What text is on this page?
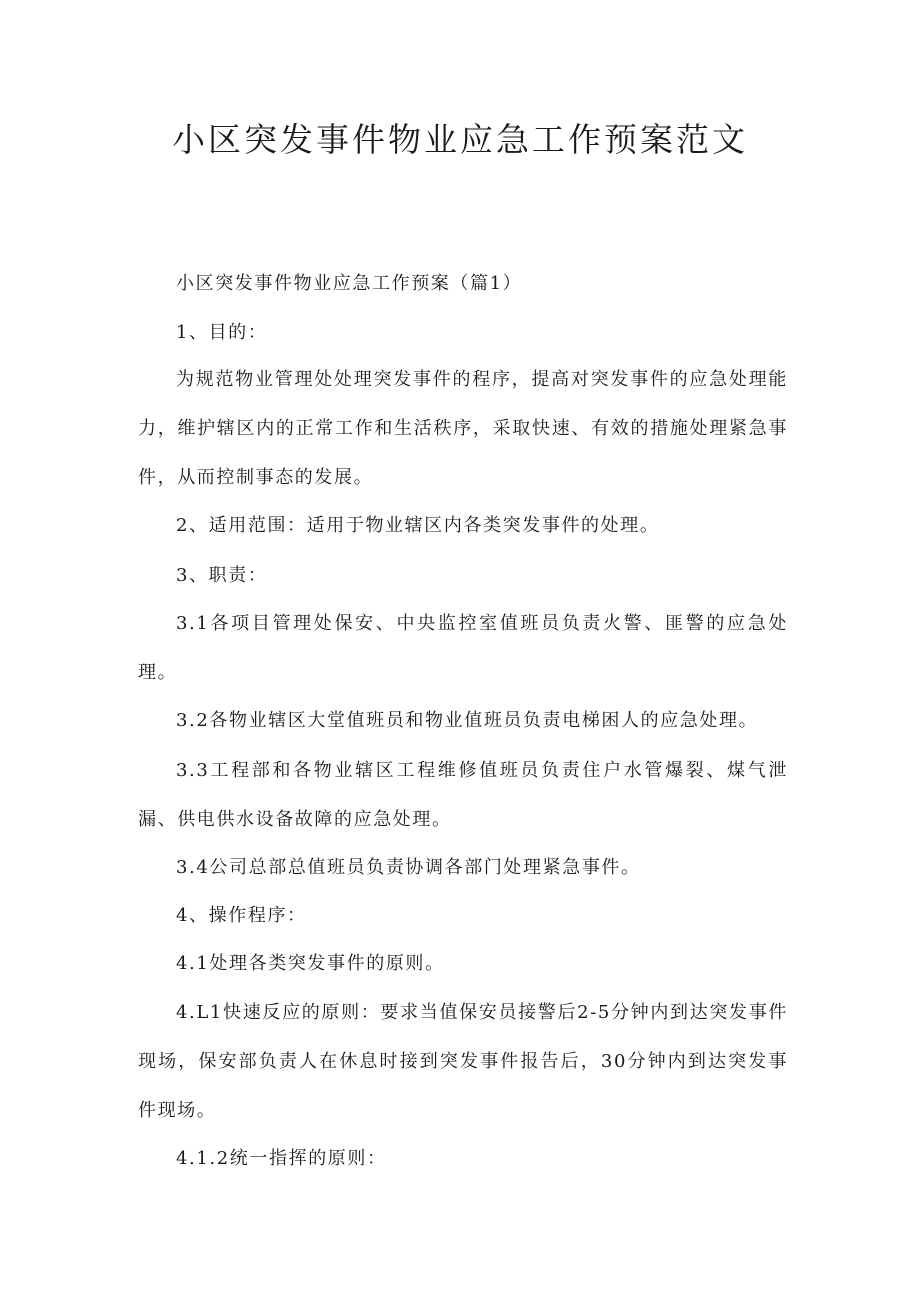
小区突发事件物业应急工作预案范文

小区突发事件物业应急工作预案（篇1）

1、目的：

为规范物业管理处处理突发事件的程序，提高对突发事件的应急处理能力，维护辖区内的正常工作和生活秩序，采取快速、有效的措施处理紧急事件，从而控制事态的发展。

2、适用范围：适用于物业辖区内各类突发事件的处理。

3、职责：

3.1各项目管理处保安、中央监控室值班员负责火警、匪警的应急处理。

3.2各物业辖区大堂值班员和物业值班员负责电梯困人的应急处理。

3.3工程部和各物业辖区工程维修值班员负责住户水管爆裂、煤气泄漏、供电供水设备故障的应急处理。

3.4公司总部总值班员负责协调各部门处理紧急事件。

4、操作程序：

4.1处理各类突发事件的原则。

4.L1快速反应的原则：要求当值保安员接警后2-5分钟内到达突发事件现场，保安部负责人在休息时接到突发事件报告后，30分钟内到达突发事件现场。

4.1.2统一指挥的原则：
